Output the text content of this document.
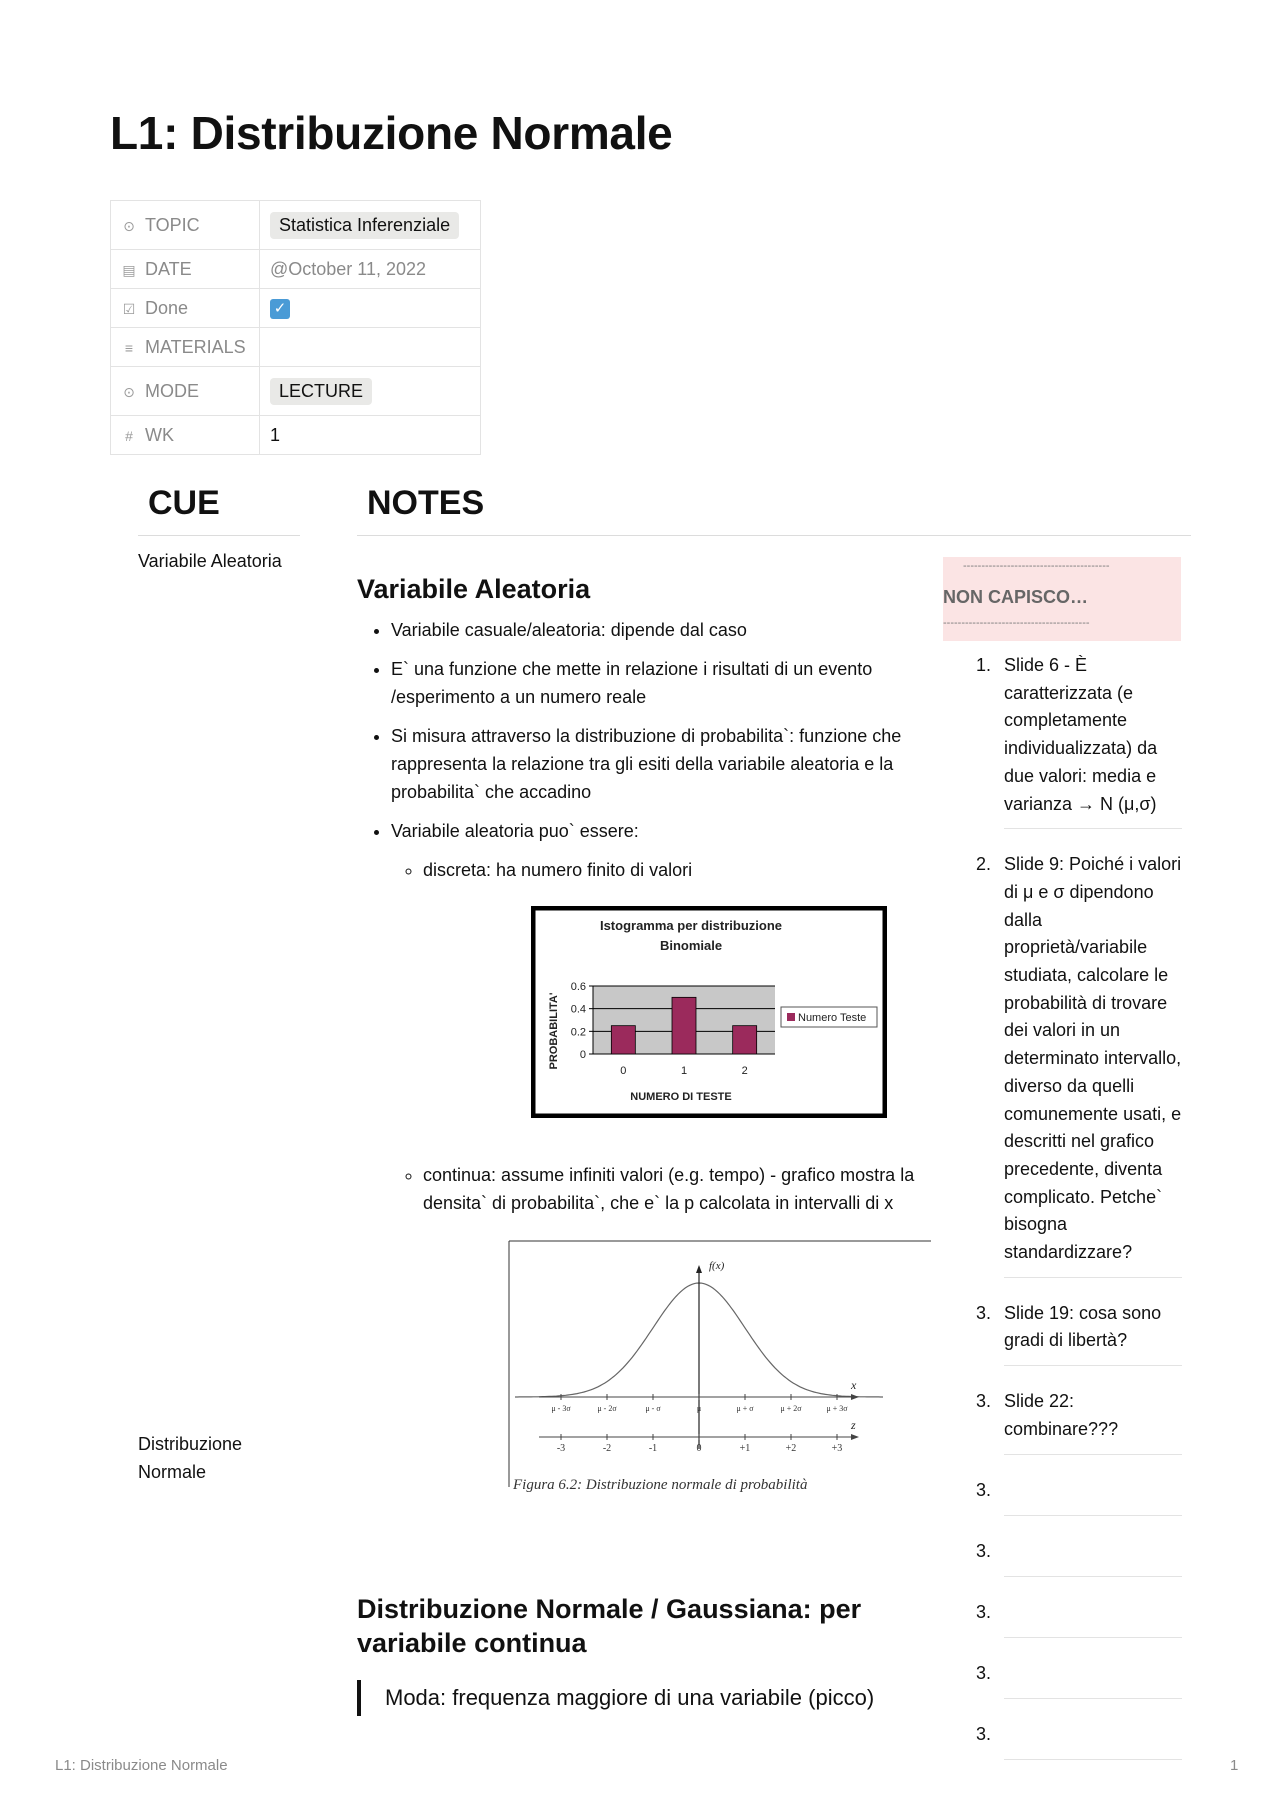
L1: Distribuzione Normale
⊙ TOPIC	Statistica Inferenziale
▤ DATE	@October 11, 2022
☑ Done	✓
≡ MATERIALS	
⊙ MODE	LECTURE
# WK	1
CUE	NOTES
Variabile Aleatoria
Distribuzione Normale
Variabile Aleatoria
• Variabile casuale/aleatoria: dipende dal caso
• E` una funzione che mette in relazione i risultati di un evento /esperimento a un numero reale
• Si misura attraverso la distribuzione di probabilita`: funzione che rappresenta la relazione tra gli esiti della variabile aleatoria e la probabilita` che accadino
• Variabile aleatoria puo` essere:
◦ discreta: ha numero finito di valori
Istogramma per distribuzione
Binomiale
0
0.2
0.4
0.6
0	1	2
NUMERO DI TESTE
PROBABILITA'	Numero Teste
◦ continua: assume infiniti valori (e.g. tempo) - grafico mostra la densita` di probabilita`, che e` la p calcolata in intervalli di x
f(x)
x
μ - 3σ	μ - 2σ	μ - σ	μ	μ + σ	μ + 2σ	μ + 3σ
z
-3	-2	-1	0	+1	+2	+3
Figura 6.2: Distribuzione normale di probabilità
Distribuzione Normale / Gaussiana: per variabile continua
Moda: frequenza maggiore di una variabile (picco)
----------------------------------------
NON CAPISCO…
----------------------------------------
1. Slide 6 - È caratterizzata (e completamente individualizzata) da due valori: media e varianza → N (μ,σ)
2. Slide 9: Poiché i valori di μ e σ dipendono dalla proprietà/variabile studiata, calcolare le probabilità di trovare dei valori in un determinato intervallo, diverso da quelli comunemente usati, e descritti nel grafico precedente, diventa complicato. Petche` bisogna standardizzare?
3. Slide 19: cosa sono gradi di libertà?
3. Slide 22: combinare???
3.
3.
3.
3.
3.
L1: Distribuzione Normale	1
